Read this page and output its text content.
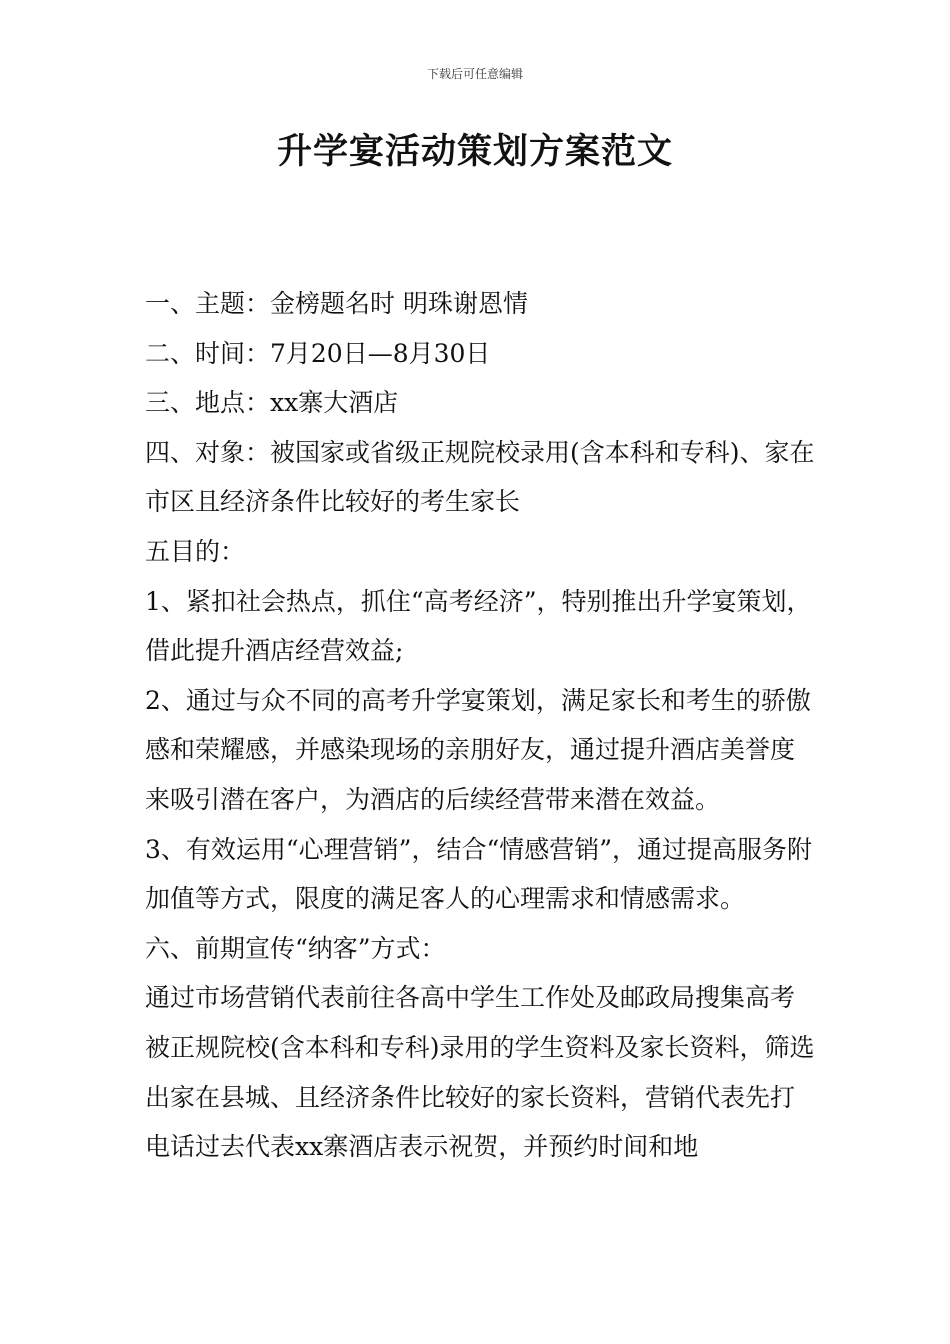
下载后可任意编辑
升学宴活动策划方案范文

一、主题：金榜题名时 明珠谢恩情

二、时间：7月20日—8月30日

三、地点：xx寨大酒店

四、对象：被国家或省级正规院校录用(含本科和专科)、家在市区且经济条件比较好的考生家长

五目的：

1、紧扣社会热点，抓住“高考经济”，特别推出升学宴策划，借此提升酒店经营效益;

2、通过与众不同的高考升学宴策划，满足家长和考生的骄傲感和荣耀感，并感染现场的亲朋好友，通过提升酒店美誉度来吸引潜在客户，为酒店的后续经营带来潜在效益。

3、有效运用“心理营销”，结合“情感营销”，通过提高服务附加值等方式，限度的满足客人的心理需求和情感需求。

六、前期宣传“纳客”方式：

通过市场营销代表前往各高中学生工作处及邮政局搜集高考被正规院校(含本科和专科)录用的学生资料及家长资料，筛选出家在县城、且经济条件比较好的家长资料，营销代表先打电话过去代表xx寨酒店表示祝贺，并预约时间和地
